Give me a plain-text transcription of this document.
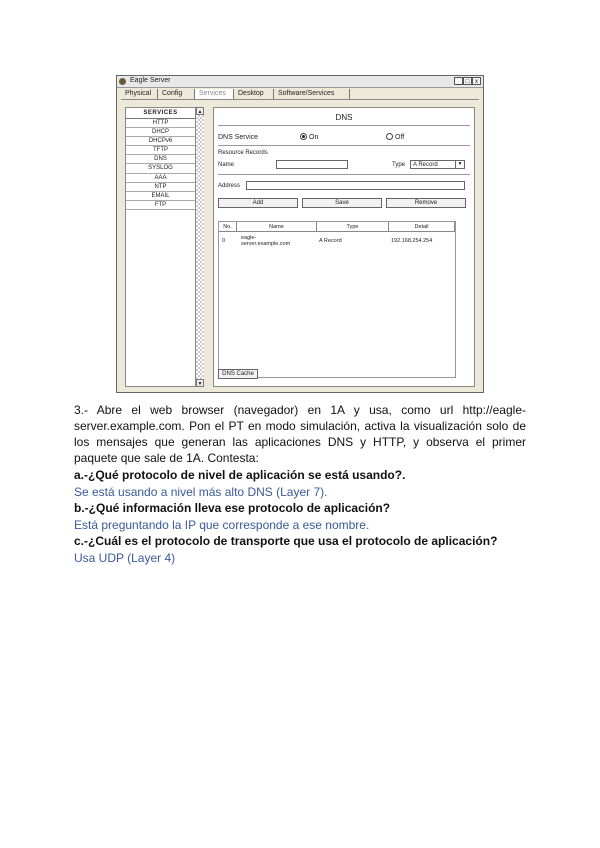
Eagle Server	_ □ x
Physical	Config	Services	Desktop	Software/Services
SERVICES
HTTP
DHCP
DHCPv6
TFTP
DNS
SYSLOG
AAA
NTP
EMAIL
FTP
▲
▼
DNS
DNS Service	On	Off
Resource Records
Name	Type	A Record	▼
Address
Add	Save	Remove
No.	Name	Type	Detail
0	eagle-
server.example.com	A Record	192.168.254.254
DNS Cache
3.- Abre el web browser (navegador) en 1A y usa, como url http://eagle-server.example.com. Pon el PT en modo simulación, activa la visualización solo de los mensajes que generan las aplicaciones DNS y HTTP, y observa el primer paquete que sale de 1A. Contesta:
a.-¿Qué protocolo de nivel de aplicación se está usando?.
Se está usando a nivel más alto DNS (Layer 7).
b.-¿Qué información lleva ese protocolo de aplicación?
Está preguntando la IP que corresponde a ese nombre.
c.-¿Cuál es el protocolo de transporte que usa el protocolo de aplicación?
Usa UDP (Layer 4)
